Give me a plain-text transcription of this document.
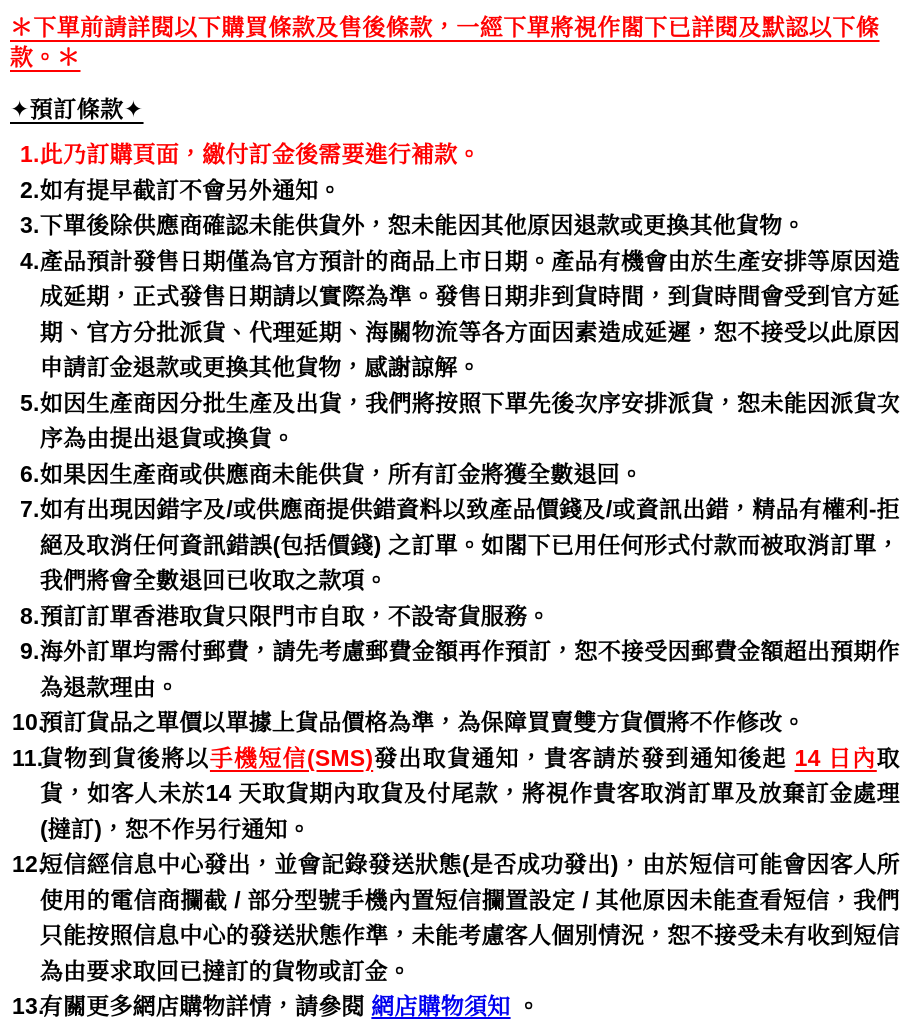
＊下單前請詳閱以下購買條款及售後條款，一經下單將視作閣下已詳閱及默認以下條款。＊
✦預訂條款✦
1. 此乃訂購頁面，繳付訂金後需要進行補款。
2. 如有提早截訂不會另外通知。
3. 下單後除供應商確認未能供貨外，恕未能因其他原因退款或更換其他貨物。
4. 產品預計發售日期僅為官方預計的商品上市日期。產品有機會由於生產安排等原因造成延期，正式發售日期請以實際為準。發售日期非到貨時間，到貨時間會受到官方延期、官方分批派貨、代理延期、海關物流等各方面因素造成延遲，恕不接受以此原因申請訂金退款或更換其他貨物，感謝諒解。
5. 如因生產商因分批生產及出貨，我們將按照下單先後次序安排派貨，恕未能因派貨次序為由提出退貨或換貨。
6. 如果因生產商或供應商未能供貨，所有訂金將獲全數退回。
7. 如有出現因錯字及/或供應商提供錯資料以致產品價錢及/或資訊出錯，精品有權利-拒絕及取消任何資訊錯誤(包括價錢) 之訂單。如閣下已用任何形式付款而被取消訂單，我們將會全數退回已收取之款項。
8. 預訂訂單香港取貨只限門市自取，不設寄貨服務。
9. 海外訂單均需付郵費，請先考慮郵費金額再作預訂，恕不接受因郵費金額超出預期作為退款理由。
10.
預訂貨品之單價以單據上貨品價格為準，為保障買賣雙方貨價將不作修改。
11.
貨物到貨後將以手機短信(SMS)發出取貨通知，貴客請於發到通知後起 14 日內取貨，如客人未於14 天取貨期內取貨及付尾款，將視作貴客取消訂單及放棄訂金處理(撻訂)，恕不作另行通知。
12.
短信經信息中心發出，並會記錄發送狀態(是否成功發出)，由於短信可能會因客人所使用的電信商攔截 / 部分型號手機內置短信攔置設定 / 其他原因未能查看短信，我們只能按照信息中心的發送狀態作準，未能考慮客人個別情況，恕不接受未有收到短信為由要求取回已撻訂的貨物或訂金。
13.
有關更多網店購物詳情，請參閱 網店購物須知 。
